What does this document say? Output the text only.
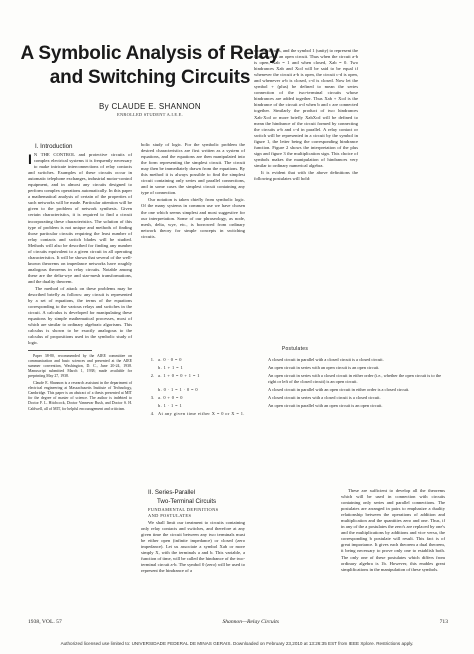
A Symbolic Analysis of Relay and Switching Circuits
By CLAUDE E. SHANNON
ENROLLED STUDENT A.I.E.E.

I. Introduction

I N THE CONTROL and protective circuits of complex electrical systems it is frequently necessary to make intricate interconnections of relay contacts and switches. Examples of these circuits occur in automatic telephone exchanges, industrial motor-control equipment, and in almost any circuits designed to perform complex operations automatically. In this paper a mathematical analysis of certain of the properties of such networks will be made. Particular attention will be given to the problem of network synthesis. Given certain characteristics, it is required to find a circuit incorporating these characteristics. The solution of this type of problem is not unique and methods of finding those particular circuits requiring the least number of relay contacts and switch blades will be studied. Methods will also be described for finding any number of circuits equivalent to a given circuit in all operating characteristics. It will be shown that several of the well-known theorems on impedance networks have roughly analogous theorems in relay circuits. Notable among these are the delta-wye and star-mesh transformations, and the duality theorem.

The method of attack on these problems may be described briefly as follows: any circuit is represented by a set of equations, the terms of the equations corresponding to the various relays and switches in the circuit. A calculus is developed for manipulating these equations by simple mathematical processes, most of which are similar to ordinary algebraic algorisms. This calculus is shown to be exactly analogous to the calculus of propositions used in the symbolic study of logic.

Paper 38-80, recommended by the AIEE committee on communication and basic sciences and presented at the AIEE summer convention, Washington, D. C., June 20-24, 1938. Manuscript submitted March 1, 1938; made available for preprinting May 27, 1938.

Claude E. Shannon is a research assistant in the department of electrical engineering at Massachusetts Institute of Technology, Cambridge. This paper is an abstract of a thesis presented at MIT for the degree of master of science. The author is indebted to Doctor F. L. Hitchcock, Doctor Vannevar Bush, and Doctor S. H. Caldwell, all of MIT, for helpful encouragement and criticism.

bolic study of logic. For the symbolic problem the desired characteristics are first written as a system of equations, and the equations are then manipulated into the form representing the simplest circuit. The circuit may then be immediately drawn from the equations. By this method it is always possible to find the simplest circuit containing only series and parallel connections, and in some cases the simplest circuit containing any type of connection.

Our notation is taken chiefly from symbolic logic. Of the many systems in common use we have chosen the one which seems simplest and most suggestive for our interpretation. Some of our phraseology, as node, mesh, delta, wye, etc., is borrowed from ordinary network theory for simple concepts in switching circuits.

closed circuits, and the symbol 1 (unity) to represent the hindrance of an open circuit. Thus when the circuit a-b is open, Xab = 1 and when closed, Xab = 0. Two hindrances Xab and Xcd will be said to be equal if whenever the circuit a-b is open, the circuit c-d is open, and whenever a-b is closed, c-d is closed. Now let the symbol + (plus) be defined to mean the series connection of the two-terminal circuits whose hindrances are added together. Thus Xab + Xcd is the hindrance of the circuit a-d when b and c are connected together. Similarly the product of two hindrances Xab·Xcd or more briefly XabXcd will be defined to mean the hindrance of the circuit formed by connecting the circuits a-b and c-d in parallel. A relay contact or switch will be represented in a circuit by the symbol in figure 1, the letter being the corresponding hindrance function. Figure 2 shows the interpretation of the plus sign and figure 3 the multiplication sign. This choice of symbols makes the manipulation of hindrances very similar to ordinary numerical algebra.

It is evident that with the above definitions the following postulates will hold:

Postulates
1. a. 0 · 0 = 0	A closed circuit in parallel with a closed circuit is a closed circuit.
b. 1 + 1 = 1	An open circuit in series with an open circuit is an open circuit.
2. a. 1 + 0 = 0 + 1 = 1	An open circuit in series with a closed circuit in either order (i.e., whether the open circuit is to the right or left of the closed circuit) is an open circuit.
b. 0 · 1 = 1 · 0 = 0	A closed circuit in parallel with an open circuit in either order is a closed circuit.
3. a. 0 + 0 = 0	A closed circuit in series with a closed circuit is a closed circuit.
b. 1 · 1 = 1	An open circuit in parallel with an open circuit is an open circuit.
4. At any given time either X = 0 or X = 1.

II. Series-Parallel

Two-Terminal Circuits

FUNDAMENTAL DEFINITIONS

AND POSTULATES

We shall limit our treatment to circuits containing only relay contacts and switches, and therefore at any given time the circuit between any two terminals must be either open (infinite impedance) or closed (zero impedance). Let us associate a symbol Xab or more simply X, with the terminals a and b. This variable, a function of time, will be called the hindrance of the two-terminal circuit a-b. The symbol 0 (zero) will be used to represent the hindrance of a

These are sufficient to develop all the theorems which will be used in connection with circuits containing only series and parallel connections. The postulates are arranged in pairs to emphasize a duality relationship between the operations of addition and multiplication and the quantities zero and one. Thus, if in any of the a postulates the zero's are replaced by one's and the multiplications by additions and vice versa, the corresponding b postulate will result. This fact is of great importance. It gives each theorem a dual theorem, it being necessary to prove only one to establish both. The only one of these postulates which differs from ordinary algebra is 1b. However, this enables great simplifications in the manipulation of these symbols.

1938, VOL. 57	Shannon—Relay Circuits	713
Authorized licensed use limited to: UNIVERSIDADE FEDERAL DE MINAS GERAIS. Downloaded on February 23,2010 at 13:26:35 EST from IEEE Xplore. Restrictions apply.
